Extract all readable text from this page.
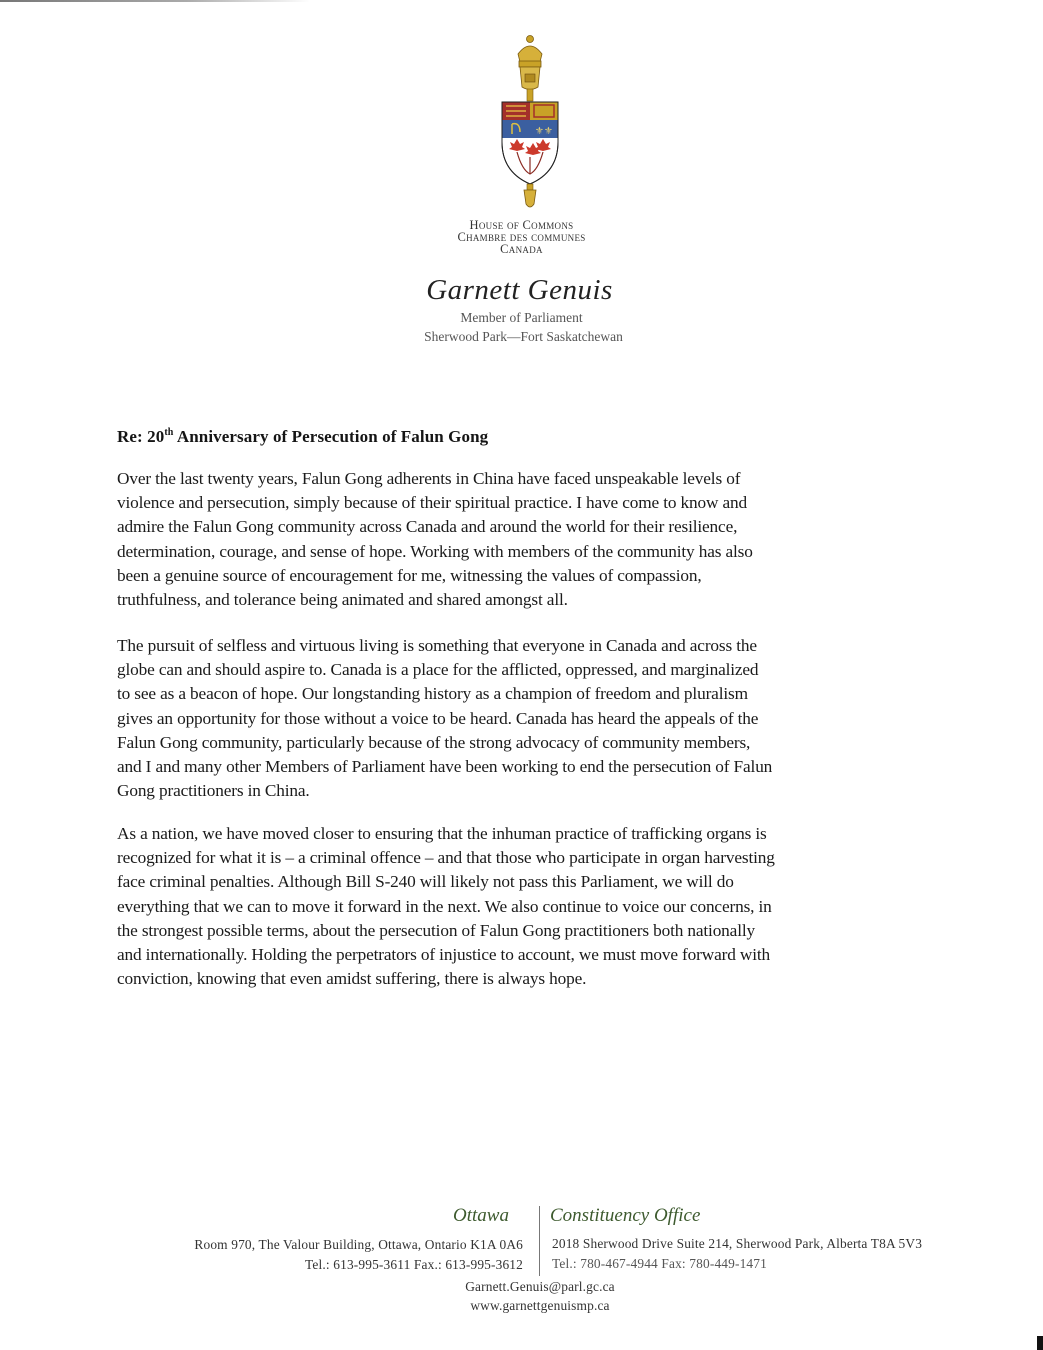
⚜⚜
House of Commons
Chambre des communes
Canada
Garnett Genuis
Member of Parliament
Sherwood Park—Fort Saskatchewan
Re: 20th Anniversary of Persecution of Falun Gong
Over the last twenty years, Falun Gong adherents in China have faced unspeakable levels of
violence and persecution, simply because of their spiritual practice. I have come to know and
admire the Falun Gong community across Canada and around the world for their resilience,
determination, courage, and sense of hope. Working with members of the community has also
been a genuine source of encouragement for me, witnessing the values of compassion,
truthfulness, and tolerance being animated and shared amongst all.
The pursuit of selfless and virtuous living is something that everyone in Canada and across the
globe can and should aspire to. Canada is a place for the afflicted, oppressed, and marginalized
to see as a beacon of hope. Our longstanding history as a champion of freedom and pluralism
gives an opportunity for those without a voice to be heard. Canada has heard the appeals of the
Falun Gong community, particularly because of the strong advocacy of community members,
and I and many other Members of Parliament have been working to end the persecution of Falun
Gong practitioners in China.
As a nation, we have moved closer to ensuring that the inhuman practice of trafficking organs is
recognized for what it is – a criminal offence – and that those who participate in organ harvesting
face criminal penalties. Although Bill S-240 will likely not pass this Parliament, we will do
everything that we can to move it forward in the next. We also continue to voice our concerns, in
the strongest possible terms, about the persecution of Falun Gong practitioners both nationally
and internationally. Holding the perpetrators of injustice to account, we must move forward with
conviction, knowing that even amidst suffering, there is always hope.
Ottawa Constituency Office
Room 970, The Valour Building, Ottawa, Ontario K1A 0A6
Tel.: 613-995-3611 Fax.: 613-995-3612
2018 Sherwood Drive Suite 214, Sherwood Park, Alberta T8A 5V3
Tel.: 780-467-4944 Fax: 780-449-1471
Garnett.Genuis@parl.gc.ca
www.garnettgenuismp.ca
